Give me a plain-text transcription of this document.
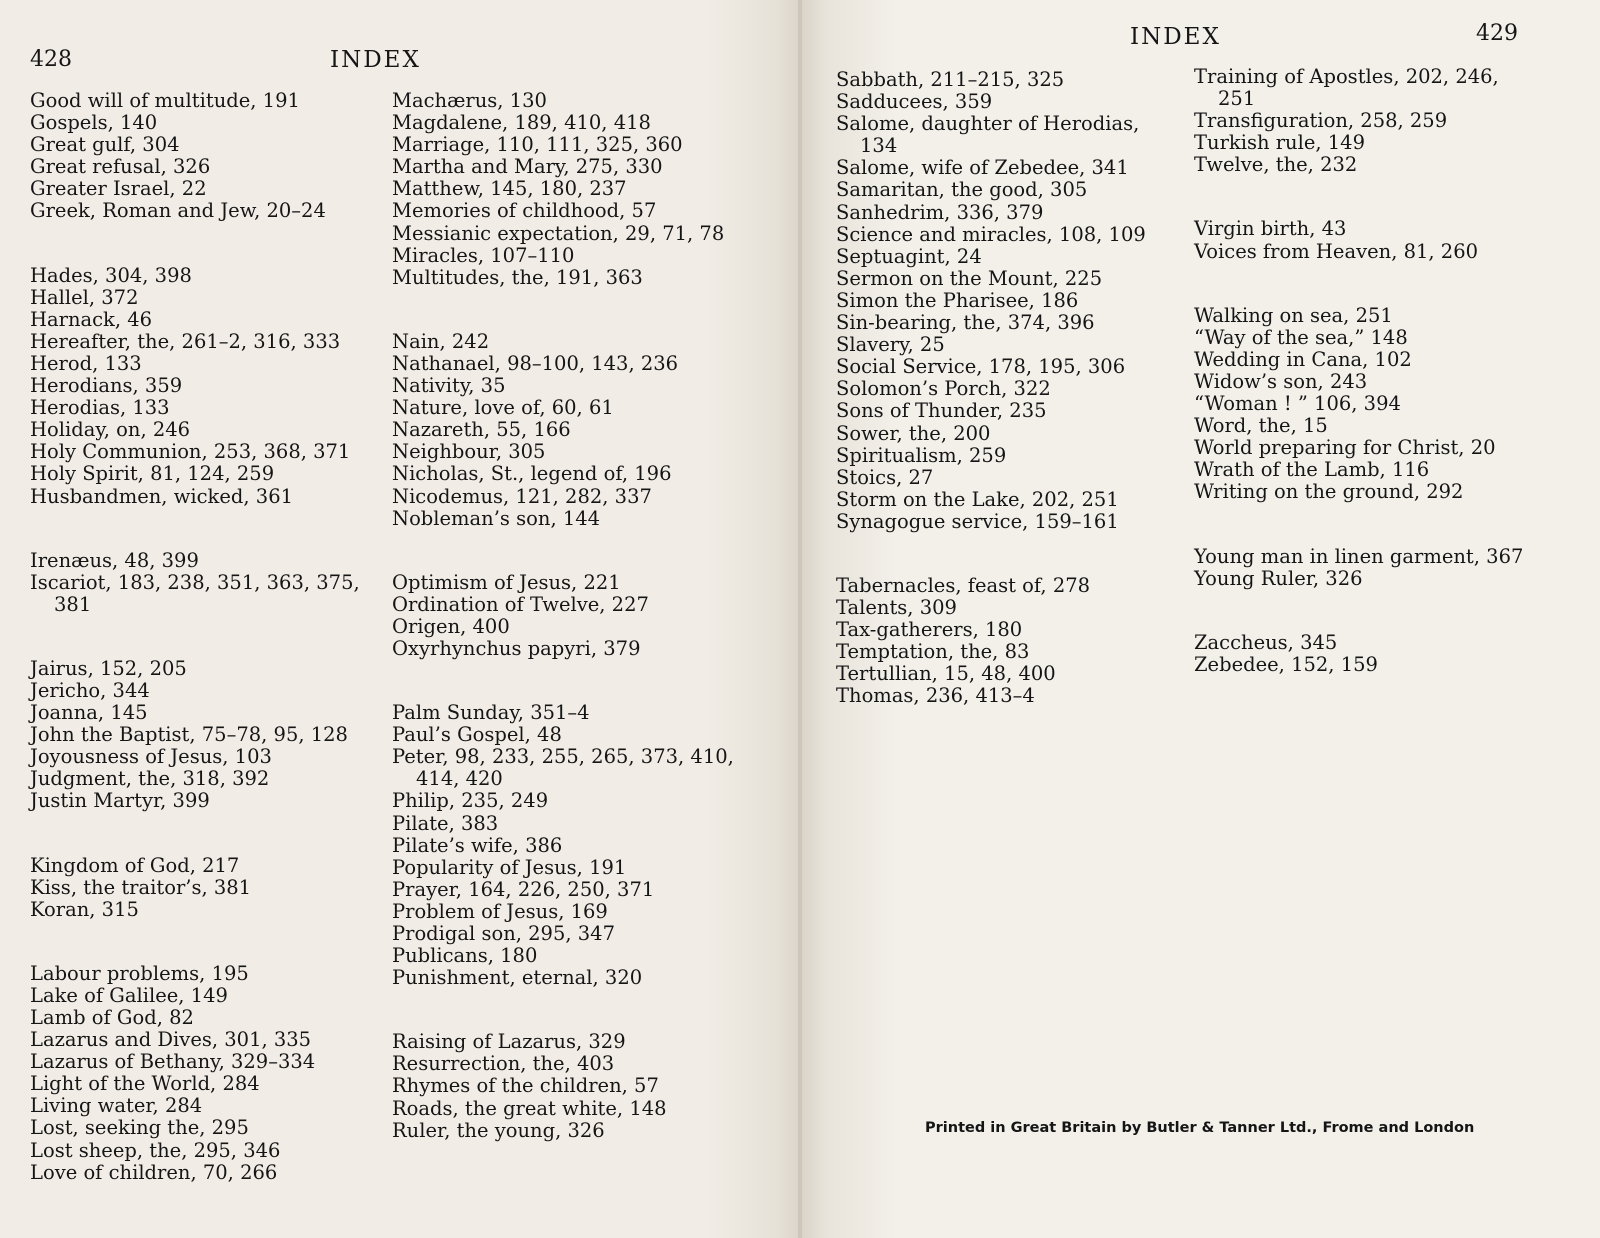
428	INDEX
Good will of multitude, 191
Gospels, 140
Great gulf, 304
Great refusal, 326
Greater Israel, 22
Greek, Roman and Jew, 20–24
Hades, 304, 398
Hallel, 372
Harnack, 46
Hereafter, the, 261–2, 316, 333
Herod, 133
Herodians, 359
Herodias, 133
Holiday, on, 246
Holy Communion, 253, 368, 371
Holy Spirit, 81, 124, 259
Husbandmen, wicked, 361
Irenæus, 48, 399
Iscariot, 183, 238, 351, 363, 375,
381
Jairus, 152, 205
Jericho, 344
Joanna, 145
John the Baptist, 75–78, 95, 128
Joyousness of Jesus, 103
Judgment, the, 318, 392
Justin Martyr, 399
Kingdom of God, 217
Kiss, the traitor’s, 381
Koran, 315
Labour problems, 195
Lake of Galilee, 149
Lamb of God, 82
Lazarus and Dives, 301, 335
Lazarus of Bethany, 329–334
Light of the World, 284
Living water, 284
Lost, seeking the, 295
Lost sheep, the, 295, 346
Love of children, 70, 266
Machærus, 130
Magdalene, 189, 410, 418
Marriage, 110, 111, 325, 360
Martha and Mary, 275, 330
Matthew, 145, 180, 237
Memories of childhood, 57
Messianic expectation, 29, 71, 78
Miracles, 107–110
Multitudes, the, 191, 363
Nain, 242
Nathanael, 98–100, 143, 236
Nativity, 35
Nature, love of, 60, 61
Nazareth, 55, 166
Neighbour, 305
Nicholas, St., legend of, 196
Nicodemus, 121, 282, 337
Nobleman’s son, 144
Optimism of Jesus, 221
Ordination of Twelve, 227
Origen, 400
Oxyrhynchus papyri, 379
Palm Sunday, 351–4
Paul’s Gospel, 48
Peter, 98, 233, 255, 265, 373, 410,
414, 420
Philip, 235, 249
Pilate, 383
Pilate’s wife, 386
Popularity of Jesus, 191
Prayer, 164, 226, 250, 371
Problem of Jesus, 169
Prodigal son, 295, 347
Publicans, 180
Punishment, eternal, 320
Raising of Lazarus, 329
Resurrection, the, 403
Rhymes of the children, 57
Roads, the great white, 148
Ruler, the young, 326
INDEX	429
Sabbath, 211–215, 325
Sadducees, 359
Salome, daughter of Herodias,
134
Salome, wife of Zebedee, 341
Samaritan, the good, 305
Sanhedrim, 336, 379
Science and miracles, 108, 109
Septuagint, 24
Sermon on the Mount, 225
Simon the Pharisee, 186
Sin-bearing, the, 374, 396
Slavery, 25
Social Service, 178, 195, 306
Solomon’s Porch, 322
Sons of Thunder, 235
Sower, the, 200
Spiritualism, 259
Stoics, 27
Storm on the Lake, 202, 251
Synagogue service, 159–161
Tabernacles, feast of, 278
Talents, 309
Tax-gatherers, 180
Temptation, the, 83
Tertullian, 15, 48, 400
Thomas, 236, 413–4
Training of Apostles, 202, 246,
251
Transfiguration, 258, 259
Turkish rule, 149
Twelve, the, 232
Virgin birth, 43
Voices from Heaven, 81, 260
Walking on sea, 251
“Way of the sea,” 148
Wedding in Cana, 102
Widow’s son, 243
“Woman ! ” 106, 394
Word, the, 15
World preparing for Christ, 20
Wrath of the Lamb, 116
Writing on the ground, 292
Young man in linen garment, 367
Young Ruler, 326
Zaccheus, 345
Zebedee, 152, 159
Printed in Great Britain by Butler & Tanner Ltd., Frome and London
